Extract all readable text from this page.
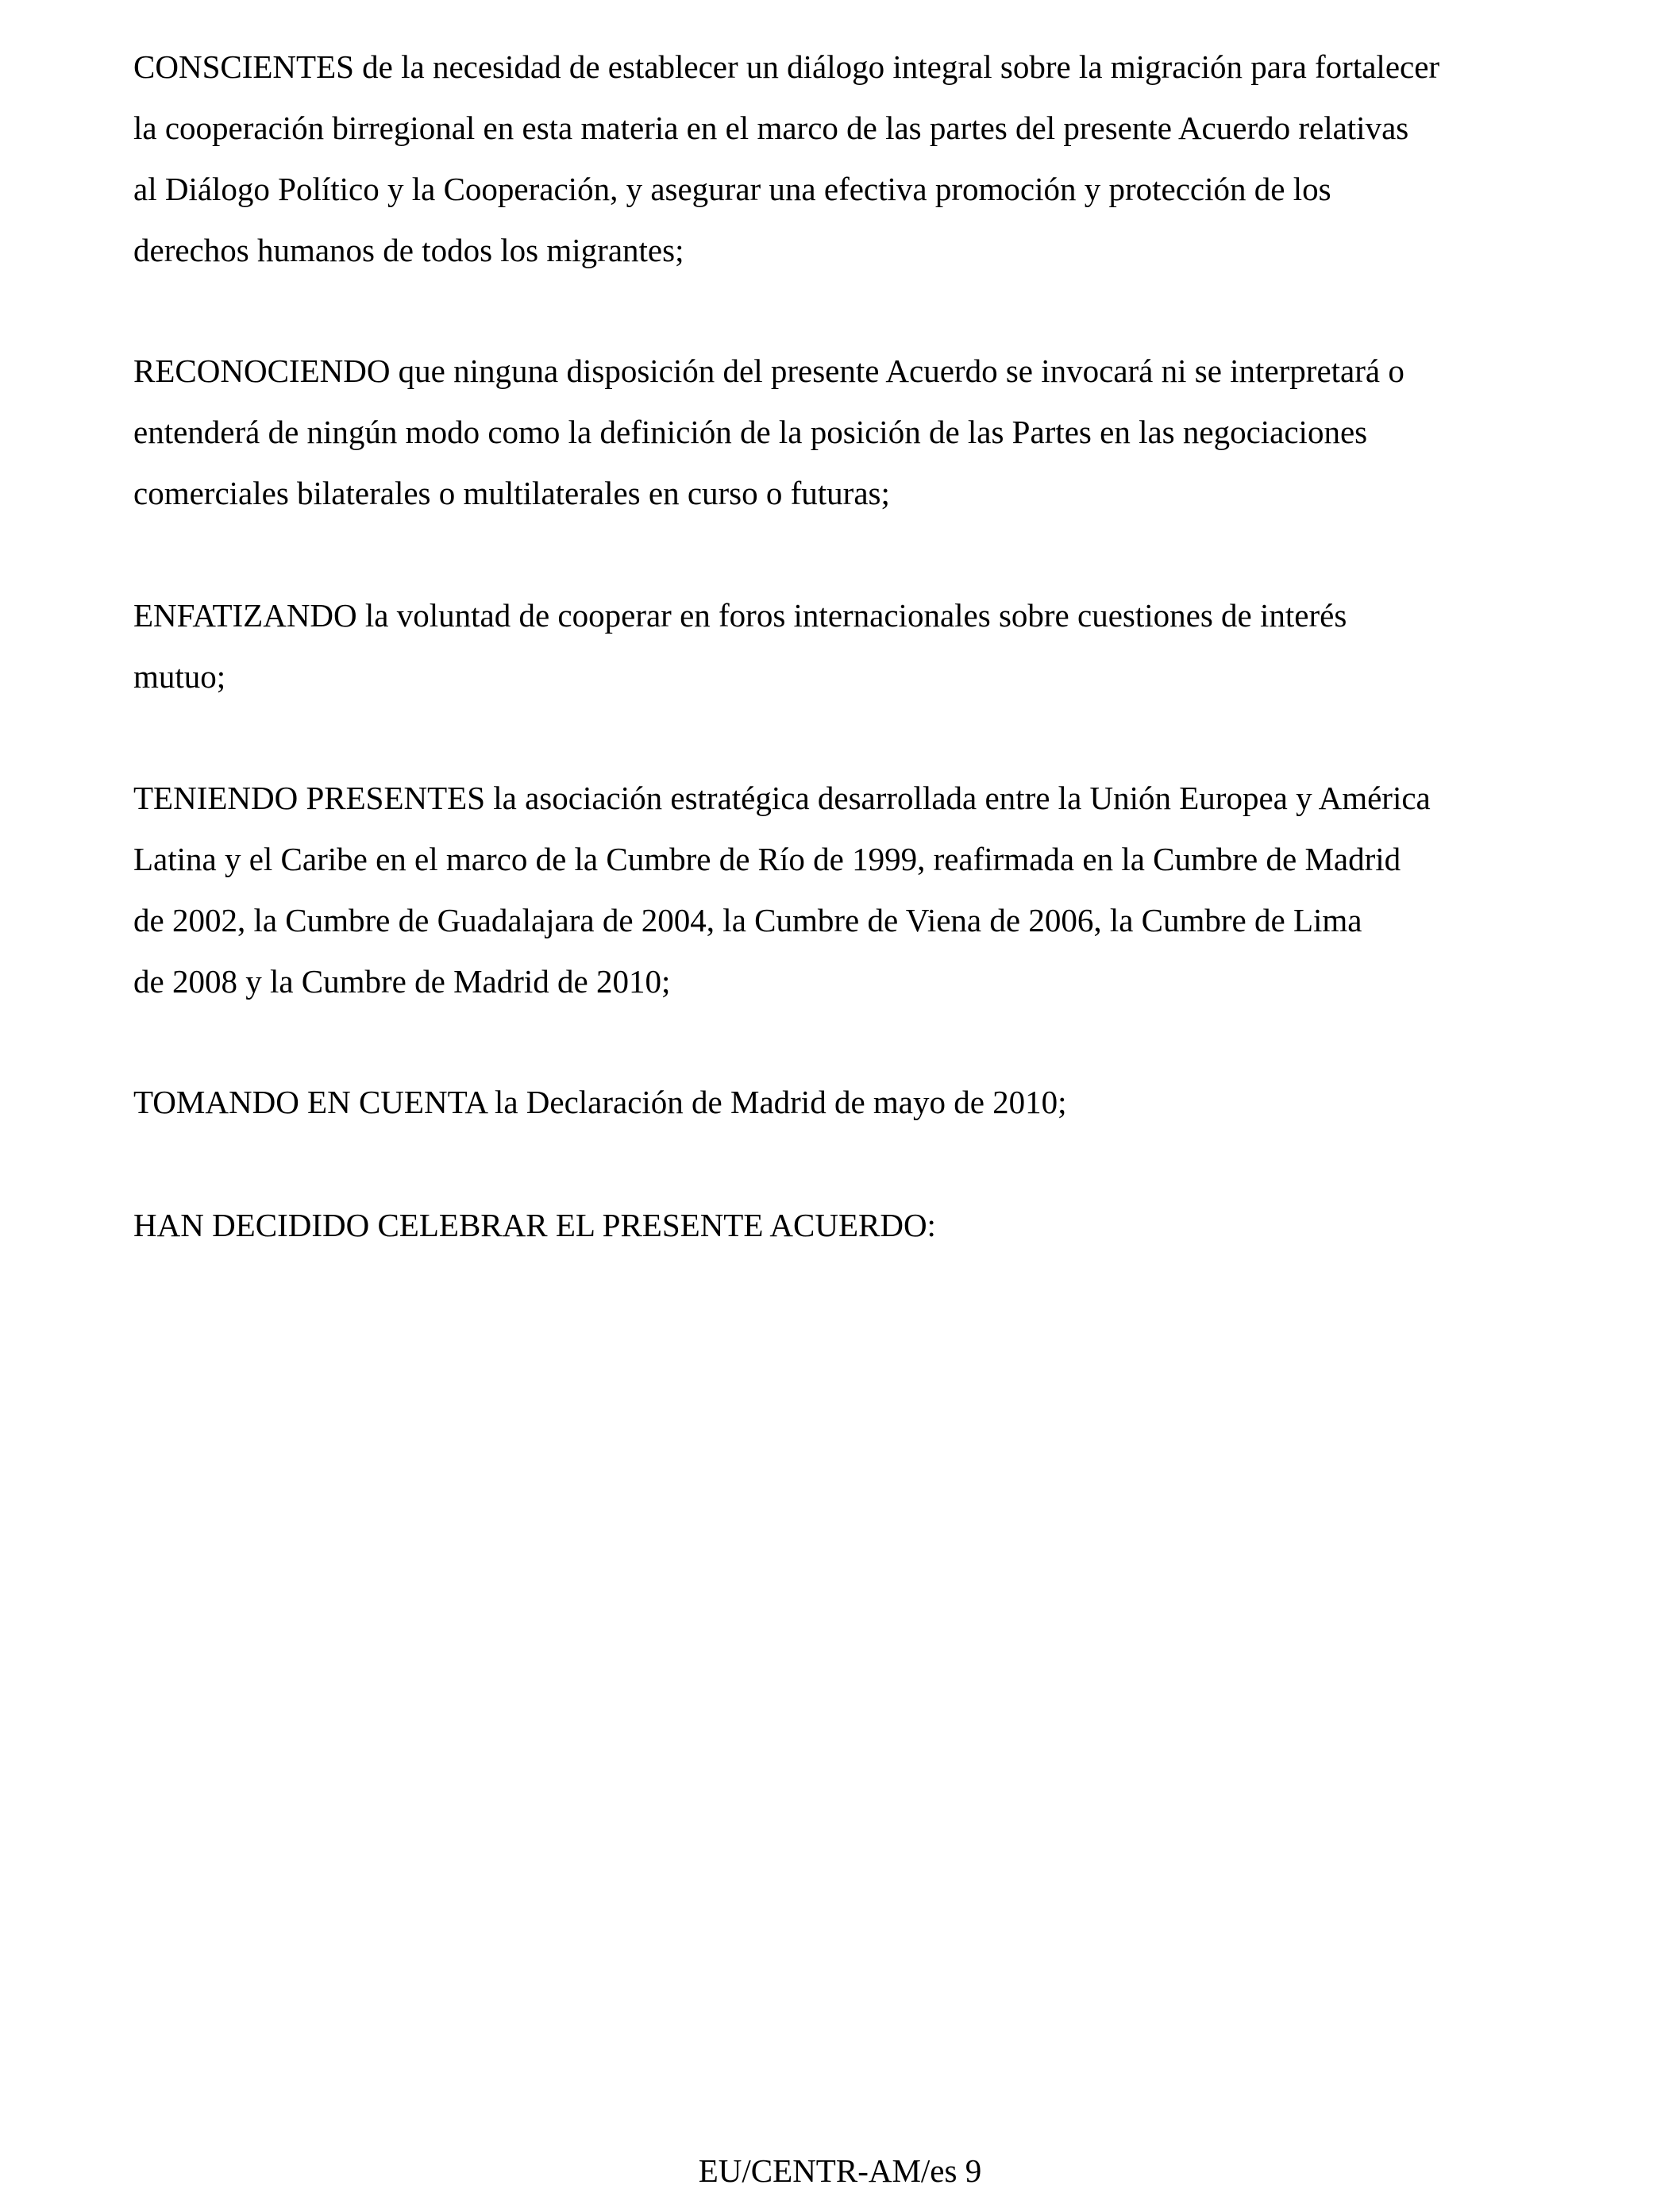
CONSCIENTES de la necesidad de establecer un diálogo integral sobre la migración para fortalecer
la cooperación birregional en esta materia en el marco de las partes del presente Acuerdo relativas
al Diálogo Político y la Cooperación, y asegurar una efectiva promoción y protección de los
derechos humanos de todos los migrantes;

RECONOCIENDO que ninguna disposición del presente Acuerdo se invocará ni se interpretará o
entenderá de ningún modo como la definición de la posición de las Partes en las negociaciones
comerciales bilaterales o multilaterales en curso o futuras;

ENFATIZANDO la voluntad de cooperar en foros internacionales sobre cuestiones de interés
mutuo;

TENIENDO PRESENTES la asociación estratégica desarrollada entre la Unión Europea y América
Latina y el Caribe en el marco de la Cumbre de Río de 1999, reafirmada en la Cumbre de Madrid
de 2002, la Cumbre de Guadalajara de 2004, la Cumbre de Viena de 2006, la Cumbre de Lima
de 2008 y la Cumbre de Madrid de 2010;

TOMANDO EN CUENTA la Declaración de Madrid de mayo de 2010;

HAN DECIDIDO CELEBRAR EL PRESENTE ACUERDO:

EU/CENTR-AM/es 9
